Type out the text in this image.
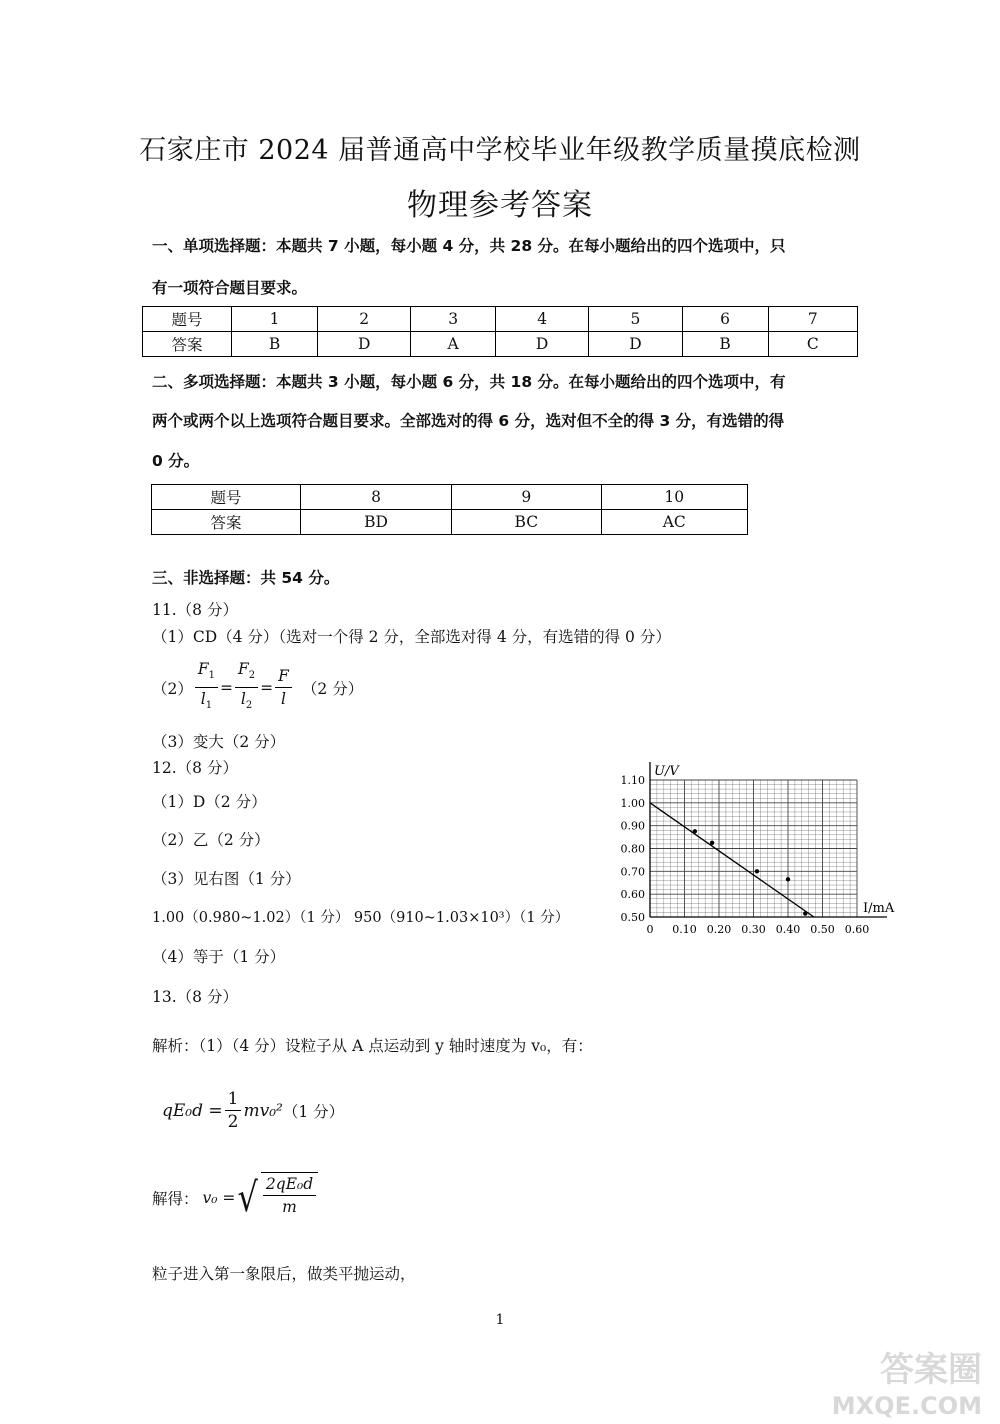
石家庄市 2024 届普通高中学校毕业年级教学质量摸底检测
物理参考答案
一、单项选择题：本题共 7 小题，每小题 4 分，共 28 分。在每小题给出的四个选项中，只
有一项符合题目要求。
题号	1	2	3	4	5	6	7
答案	B	D	A	D	D	B	C
二、多项选择题：本题共 3 小题，每小题 6 分，共 18 分。在每小题给出的四个选项中，有
两个或两个以上选项符合题目要求。全部选对的得 6 分，选对但不全的得 3 分，有选错的得
0 分。
题号	8	9	10
答案	BD	BC	AC
三、非选择题：共 54 分。
11.（8 分）
（1）CD（4 分）（选对一个得 2 分，全部选对得 4 分，有选错的得 0 分）
$(2) \frac{F_1}{l_1} = \frac{F_2}{l_2} = \frac{F}{l} (2$ 分）
（3）变大（2 分）
12.（8 分）
（1）D（2 分）
（2）乙（2 分）
（3）见右图（1 分）
1.00（0.980~1.02）（1 分） 950（910~1.03×10³）（1 分）
（4）等于（1 分）
0.50
0.60
0.70
0.80
0.90
1.00
1.10
0 0.10 0.20 0.30 0.40 0.50 0.60
U/V
I/mA
13.（8 分）
解析：（1）（4 分）设粒子从 A 点运动到 y 轴时速度为 v₀，有：
$qE_0d = \frac{1}{2} mv_0^2$ （1 分）
解得： v₀ = √ $\frac{\text{2qE₀d}}{m}$
粒子进入第一象限后，做类平抛运动，
1
答案圈
MXQE.COM
